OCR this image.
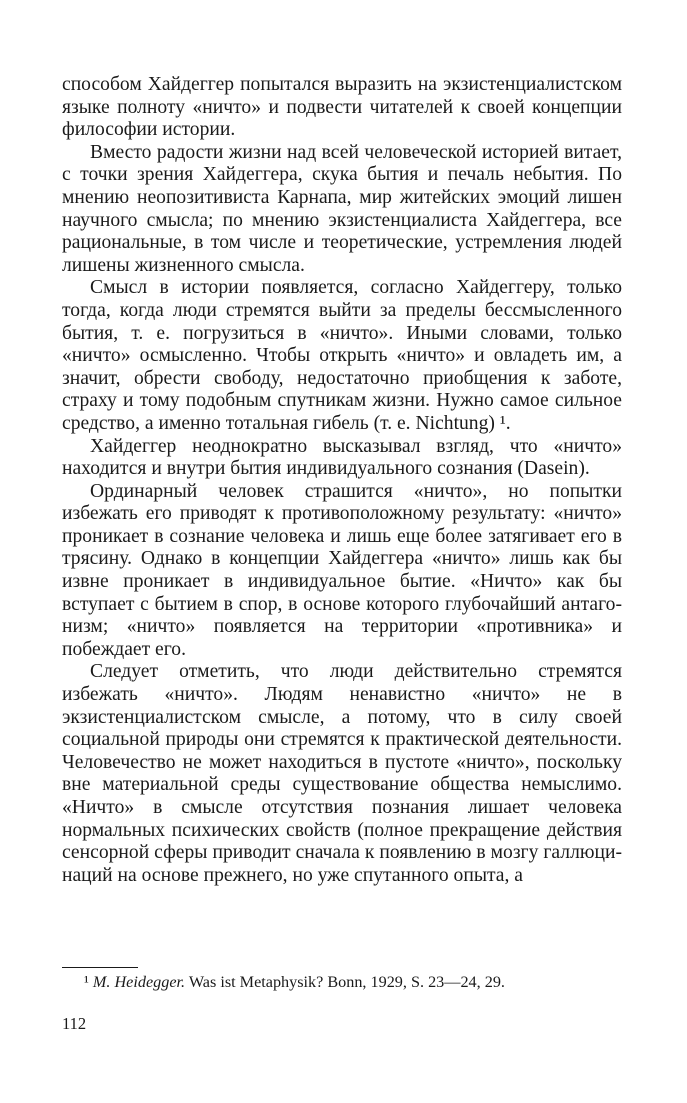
способом Хайдеггер попытался выразить на экзистенциалистском языке полноту «ничто» и подвести читателей к своей концепции философии истории.

Вместо радости жизни над всей человеческой историей витает, с точки зрения Хайдеггера, скука бытия и печаль небытия. По мнению неопозитивиста Карнапа, мир житейских эмоций лишен научного смысла; по мнению экзистенциалиста Хайдеггера, все рациональные, в том числе и теоретические, устремления людей лишены жизненного смысла.

Смысл в истории появляется, согласно Хайдеггеру, только тогда, когда люди стремятся выйти за пределы бессмысленного бытия, т. е. погрузиться в «ничто». Иными словами, только «ничто» осмысленно. Чтобы открыть «ничто» и овладеть им, а значит, обрести свободу, недостаточно приобщения к заботе, страху и тому подобным спутникам жизни. Нужно самое сильное средство, а именно тотальная гибель (т. е. Nichtung) ¹.

Хайдеггер неоднократно высказывал взгляд, что «ничто» находится и внутри бытия индивидуального сознания (Dasein).

Ординарный человек страшится «ничто», но попытки избежать его приводят к противоположному результату: «ничто» проникает в сознание человека и лишь еще более затягивает его в трясину. Однако в концепции Хайдеггера «ничто» лишь как бы извне проникает в индивидуальное бытие. «Ничто» как бы вступает с бытием в спор, в основе которого глубочайший антагонизм; «ничто» появляется на территории «противника» и побеждает его.

Следует отметить, что люди действительно стремятся избежать «ничто». Людям ненавистно «ничто» не в экзистенциалистском смысле, а потому, что в силу своей социальной природы они стремятся к практической деятельности. Человечество не может находиться в пустоте «ничто», поскольку вне материальной среды существование общества немыслимо. «Ничто» в смысле отсутствия познания лишает человека нормальных психических свойств (полное прекращение действия сенсорной сферы приводит сначала к появлению в мозгу галлюцинаций на основе прежнего, но уже спутанного опыта, а

¹ M. Heidegger. Was ist Metaphysik? Bonn, 1929, S. 23—24, 29.

112
